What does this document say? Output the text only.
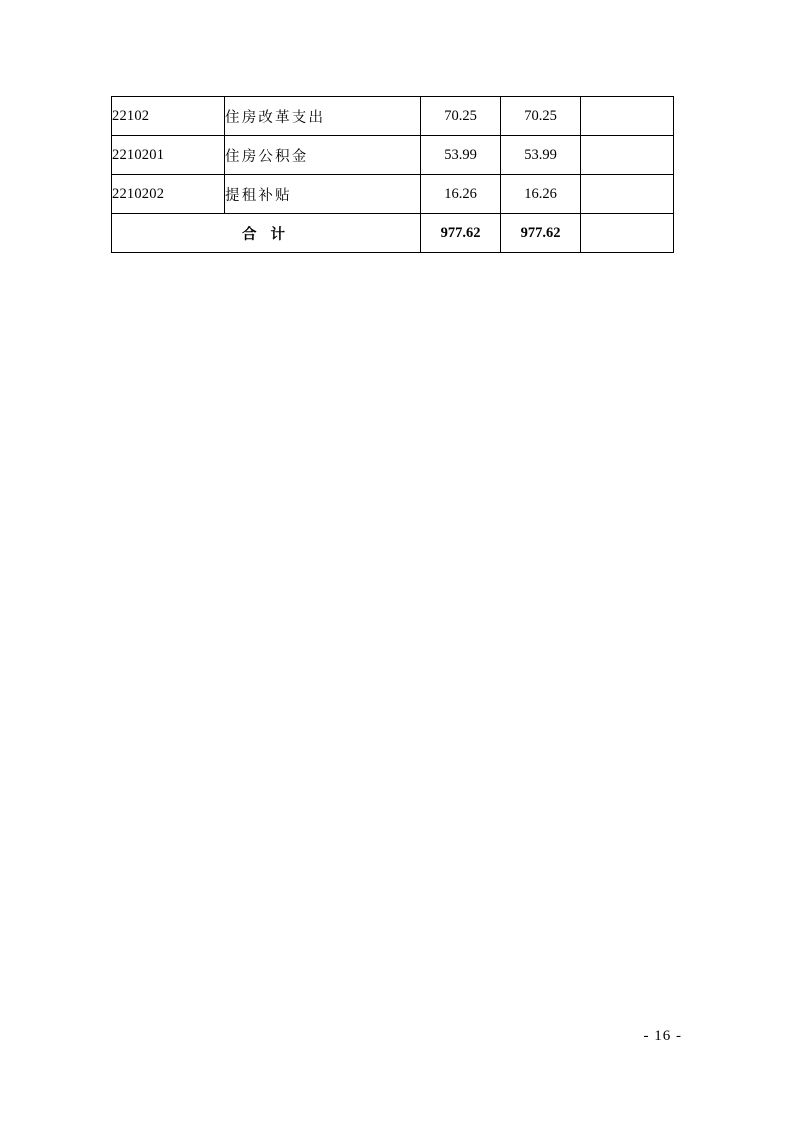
22102	住房改革支出	70.25	70.25	
2210201	住房公积金	53.99	53.99	
2210202	提租补贴	16.26	16.26	
合 计		977.62	977.62	
- 16 -
